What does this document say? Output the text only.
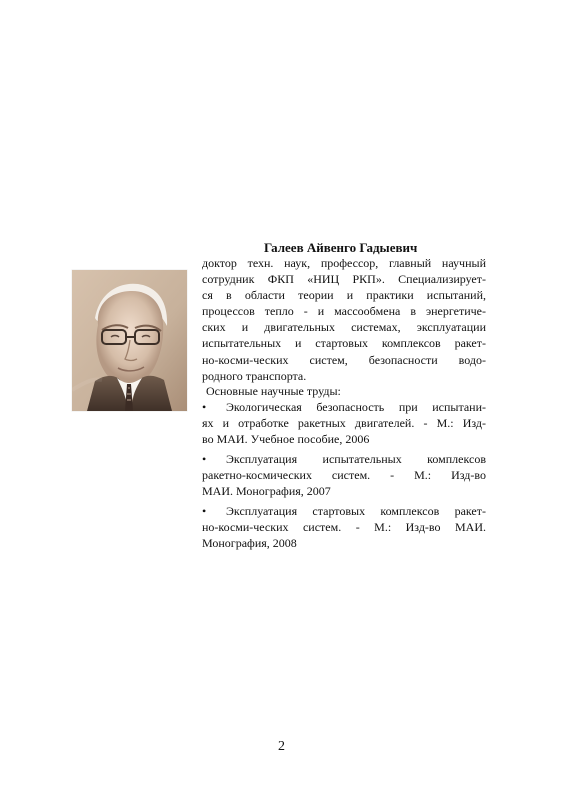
Галеев Айвенго Гадыевич
доктор техн. наук, профессор, главный научный
сотрудник ФКП «НИЦ РКП». Специализирует-
ся в области теории и практики испытаний,
процессов тепло - и массообмена в энергетиче-
ских и двигательных системах, эксплуатации
испытательных и стартовых комплексов ракет-
но-косми-ческих систем, безопасности водо-
родного транспорта.
Основные научные труды:
•	Экологическая безопасность при испытани-
ях и отработке ракетных двигателей. - М.: Изд-
во МАИ. Учебное пособие, 2006
•	Эксплуатация испытательных комплексов
ракетно-космических систем. - М.: Изд-во
МАИ. Монография, 2007
•	Эксплуатация стартовых комплексов ракет-
но-косми-ческих систем. - М.: Изд-во МАИ.
Монография, 2008
2
